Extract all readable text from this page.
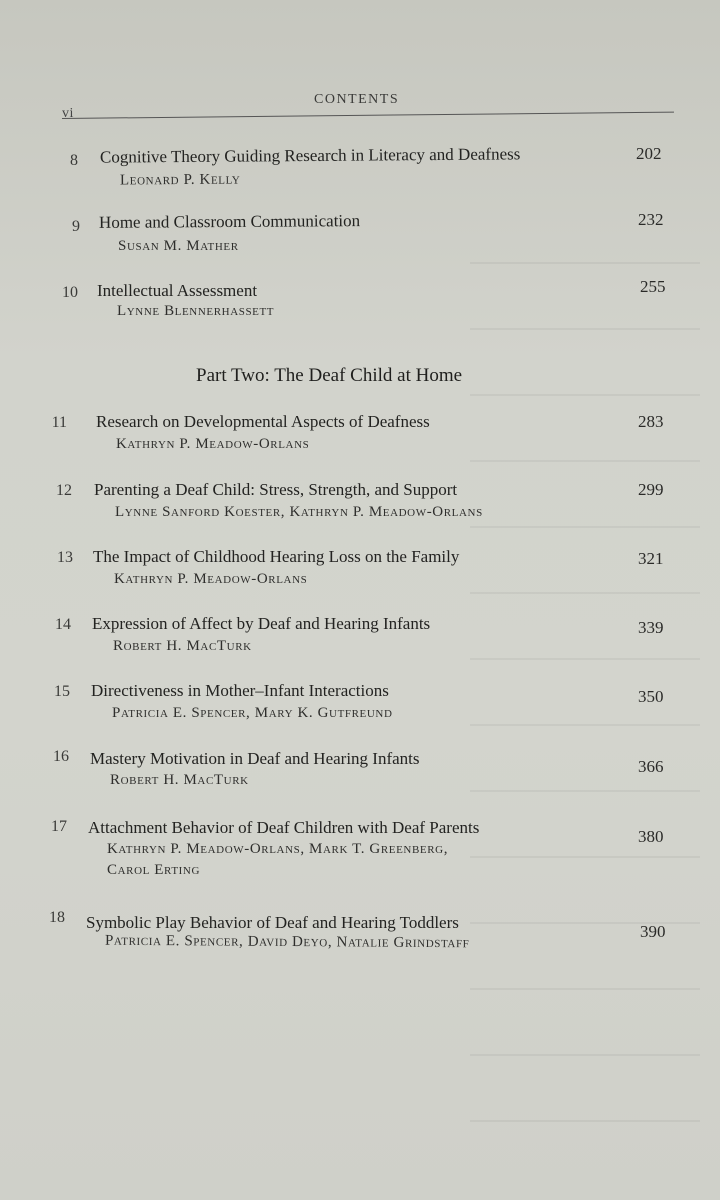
vi
CONTENTS
8 Cognitive Theory Guiding Research in Literacy and Deafness
Leonard P. Kelly
202
9 Home and Classroom Communication
Susan M. Mather
232
10 Intellectual Assessment
Lynne Blennerhassett
255
Part Two: The Deaf Child at Home
11 Research on Developmental Aspects of Deafness
Kathryn P. Meadow-Orlans
283
12 Parenting a Deaf Child: Stress, Strength, and Support
Lynne Sanford Koester, Kathryn P. Meadow-Orlans
299
13 The Impact of Childhood Hearing Loss on the Family
Kathryn P. Meadow-Orlans
321
14 Expression of Affect by Deaf and Hearing Infants
Robert H. MacTurk
339
15 Directiveness in Mother–Infant Interactions
Patricia E. Spencer, Mary K. Gutfreund
350
16 Mastery Motivation in Deaf and Hearing Infants
Robert H. MacTurk
366
17 Attachment Behavior of Deaf Children with Deaf Parents
Kathryn P. Meadow-Orlans, Mark T. Greenberg,
Carol Erting
380
18 Symbolic Play Behavior of Deaf and Hearing Toddlers
Patricia E. Spencer, David Deyo, Natalie Grindstaff
390
